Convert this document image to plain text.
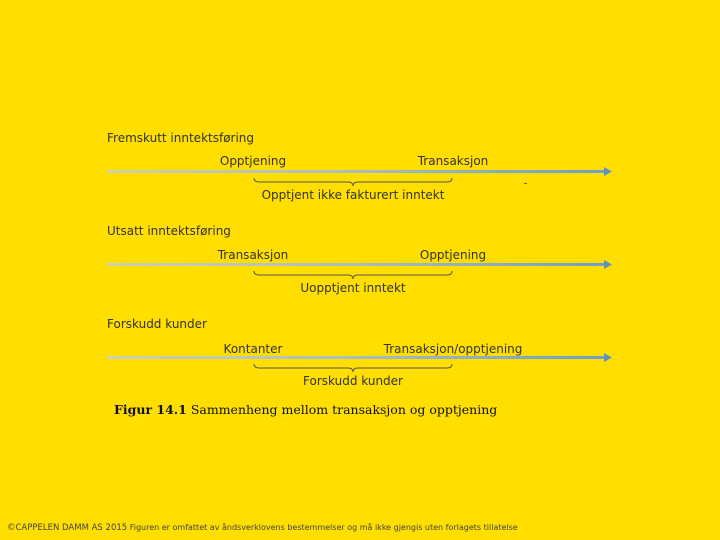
Fremskutt inntektsføring
Opptjening	Transaksjon
Opptjent ikke fakturert inntekt
Utsatt inntektsføring
Transaksjon	Opptjening
Uopptjent inntekt
Forskudd kunder
Kontanter	Transaksjon/opptjening
Forskudd kunder
Figur 14.1 Sammenheng mellom transaksjon og opptjening
©CAPPELEN DAMM AS 2015 Figuren er omfattet av åndsverklovens bestemmelser og må ikke gjengis uten forlagets tillatelse
